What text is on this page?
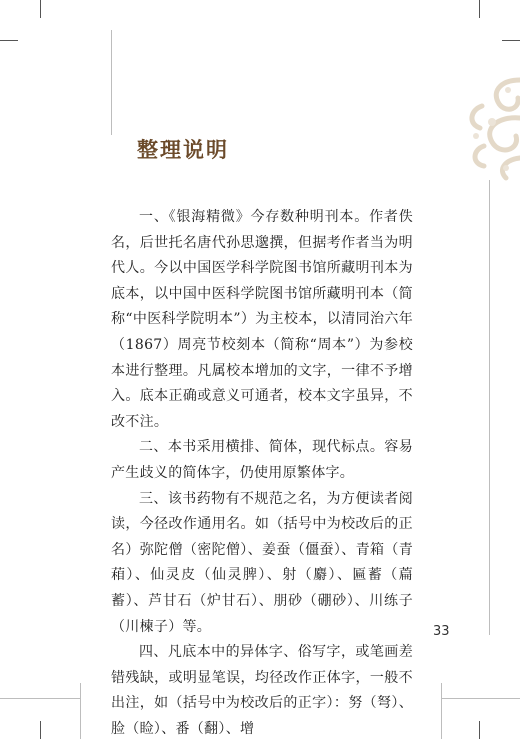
整理说明

一、《银海精微》今存数种明刊本。作者佚名，后世托名唐代孙思邈撰，但据考作者当为明代人。今以中国医学科学院图书馆所藏明刊本为底本，以中国中医科学院图书馆所藏明刊本（简称“中医科学院明本”）为主校本，以清同治六年（1867）周亮节校刻本（简称“周本”）为参校本进行整理。凡属校本增加的文字，一律不予增入。底本正确或意义可通者，校本文字虽异，不改不注。

二、本书采用横排、简体，现代标点。容易产生歧义的简体字，仍使用原繁体字。

三、该书药物有不规范之名，为方便读者阅读，今径改作通用名。如（括号中为校改后的正名）弥陀僧（密陀僧）、姜蚕（僵蚕）、青箱（青葙）、仙灵皮（仙灵脾）、射（麝）、匾蓄（萹蓄）、芦甘石（炉甘石）、朋砂（硼砂）、川练子（川楝子）等。

四、凡底本中的异体字、俗写字，或笔画差错残缺，或明显笔误，均径改作正体字，一般不出注，如（括号中为校改后的正字）：努（弩）、脸（睑）、番（翻）、增

33
